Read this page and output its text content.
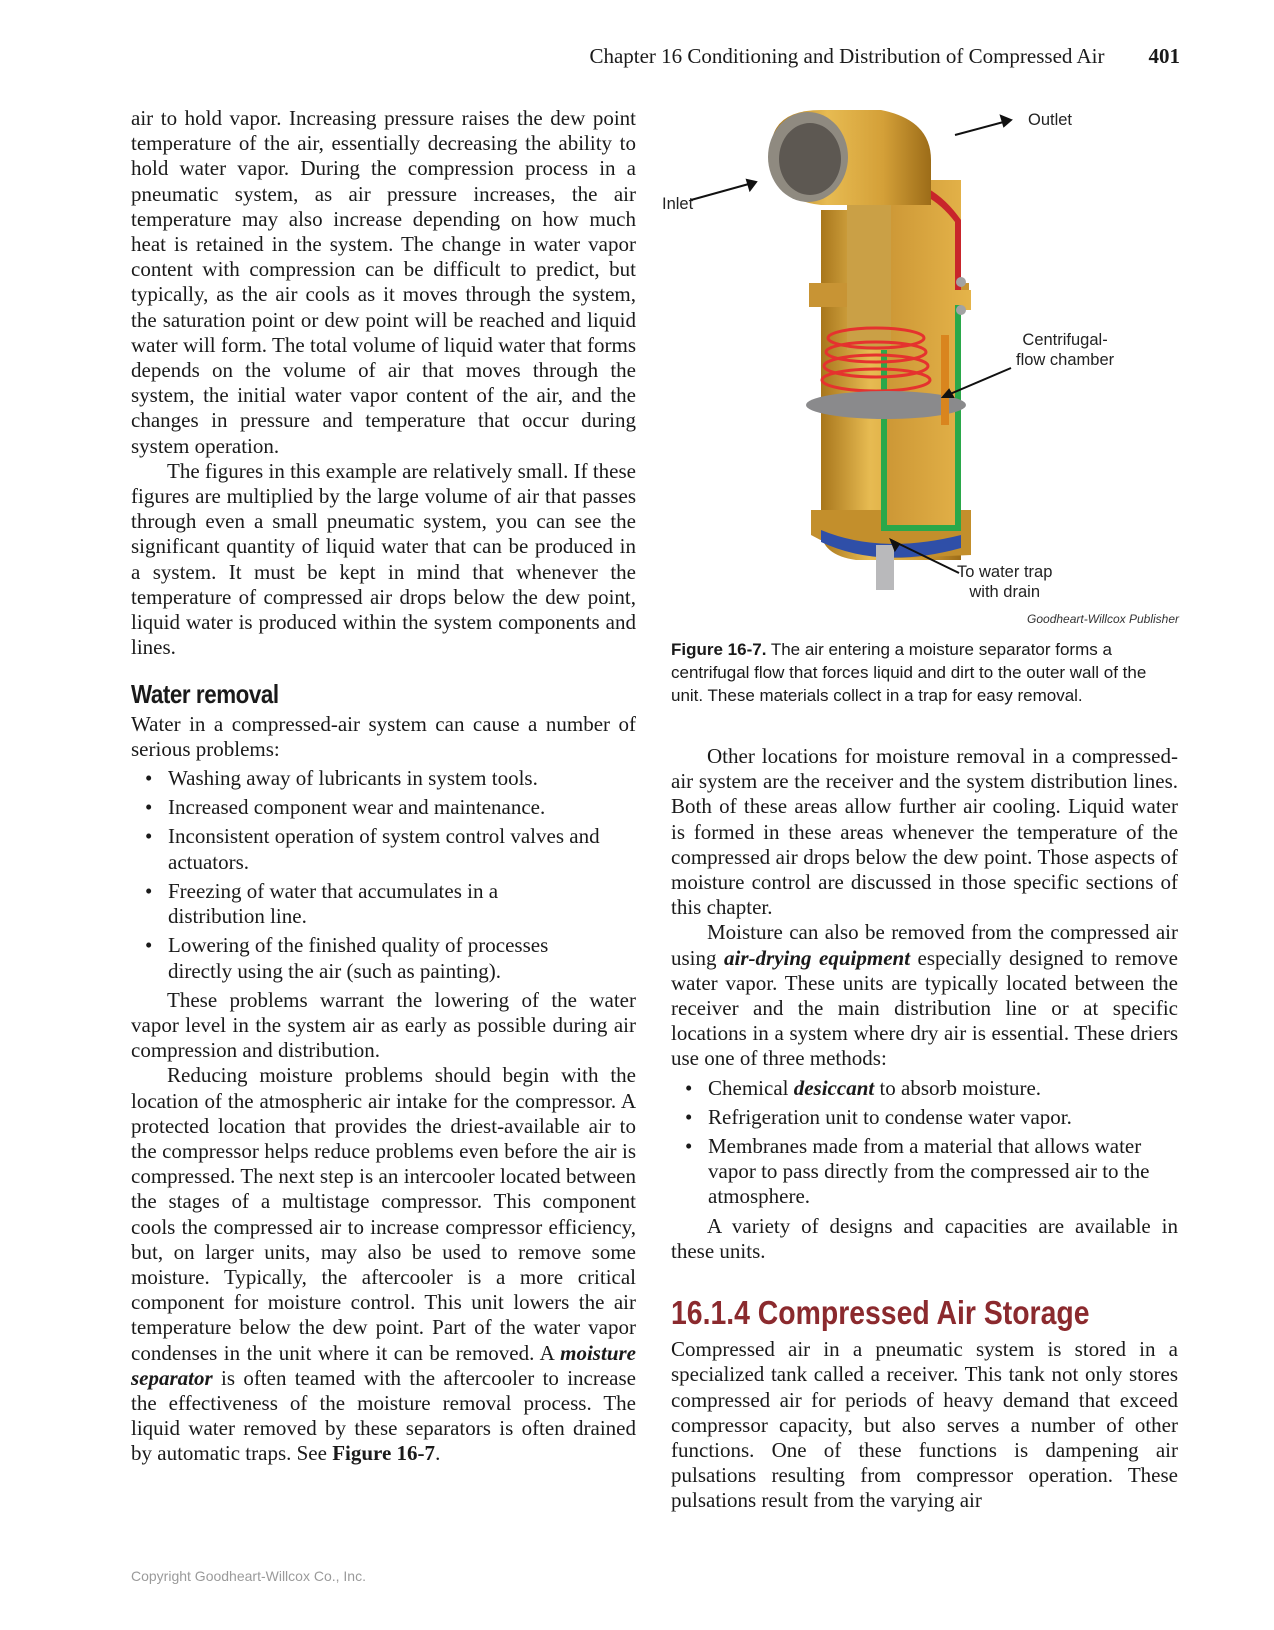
Chapter 16 Conditioning and Distribution of Compressed Air 401

air to hold vapor. Increasing pressure raises the dew point temperature of the air, essentially decreasing the ability to hold water vapor. During the compression process in a pneumatic system, as air pressure increases, the air temperature may also increase depending on how much heat is retained in the system. The change in water vapor content with compression can be difficult to predict, but typically, as the air cools as it moves through the system, the saturation point or dew point will be reached and liquid water will form. The total volume of liquid water that forms depends on the volume of air that moves through the system, the initial water vapor content of the air, and the changes in pressure and temperature that occur during system operation.

The figures in this example are relatively small. If these figures are multiplied by the large volume of air that passes through even a small pneumatic system, you can see the significant quantity of liquid water that can be produced in a system. It must be kept in mind that whenever the temperature of compressed air drops below the dew point, liquid water is produced within the system components and lines.

Water removal

Water in a compressed-air system can cause a number of serious problems:

• Washing away of lubricants in system tools.
• Increased component wear and maintenance.
• Inconsistent operation of system control valves and actuators.
• Freezing of water that accumulates in a distribution line.
• Lowering of the finished quality of processes directly using the air (such as painting).

These problems warrant the lowering of the water vapor level in the system air as early as possible during air compression and distribution.

Reducing moisture problems should begin with the location of the atmospheric air intake for the compressor. A protected location that provides the driest-available air to the compressor helps reduce problems even before the air is compressed. The next step is an intercooler located between the stages of a multistage compressor. This component cools the compressed air to increase compressor efficiency, but, on larger units, may also be used to remove some moisture. Typically, the aftercooler is a more critical component for moisture control. This unit lowers the air temperature below the dew point. Part of the water vapor condenses in the unit where it can be removed. A moisture separator is often teamed with the aftercooler to increase the effectiveness of the moisture removal process. The liquid water removed by these separators is often drained by automatic traps. See Figure 16-7.

Outlet
Inlet
Centrifugal-
flow chamber
To water trap
with drain
Goodheart-Willcox Publisher
Figure 16-7. The air entering a moisture separator forms a centrifugal flow that forces liquid and dirt to the outer wall of the unit. These materials collect in a trap for easy removal.

Other locations for moisture removal in a compressed-air system are the receiver and the system distribution lines. Both of these areas allow further air cooling. Liquid water is formed in these areas whenever the temperature of the compressed air drops below the dew point. Those aspects of moisture control are discussed in those specific sections of this chapter.

Moisture can also be removed from the compressed air using air-drying equipment especially designed to remove water vapor. These units are typically located between the receiver and the main distribution line or at specific locations in a system where dry air is essential. These driers use one of three methods:

• Chemical desiccant to absorb moisture.
• Refrigeration unit to condense water vapor.
• Membranes made from a material that allows water vapor to pass directly from the compressed air to the atmosphere.

A variety of designs and capacities are available in these units.

16.1.4 Compressed Air Storage

Compressed air in a pneumatic system is stored in a specialized tank called a receiver. This tank not only stores compressed air for periods of heavy demand that exceed compressor capacity, but also serves a number of other functions. One of these functions is dampening air pulsations resulting from compressor operation. These pulsations result from the varying air

Copyright Goodheart-Willcox Co., Inc.
